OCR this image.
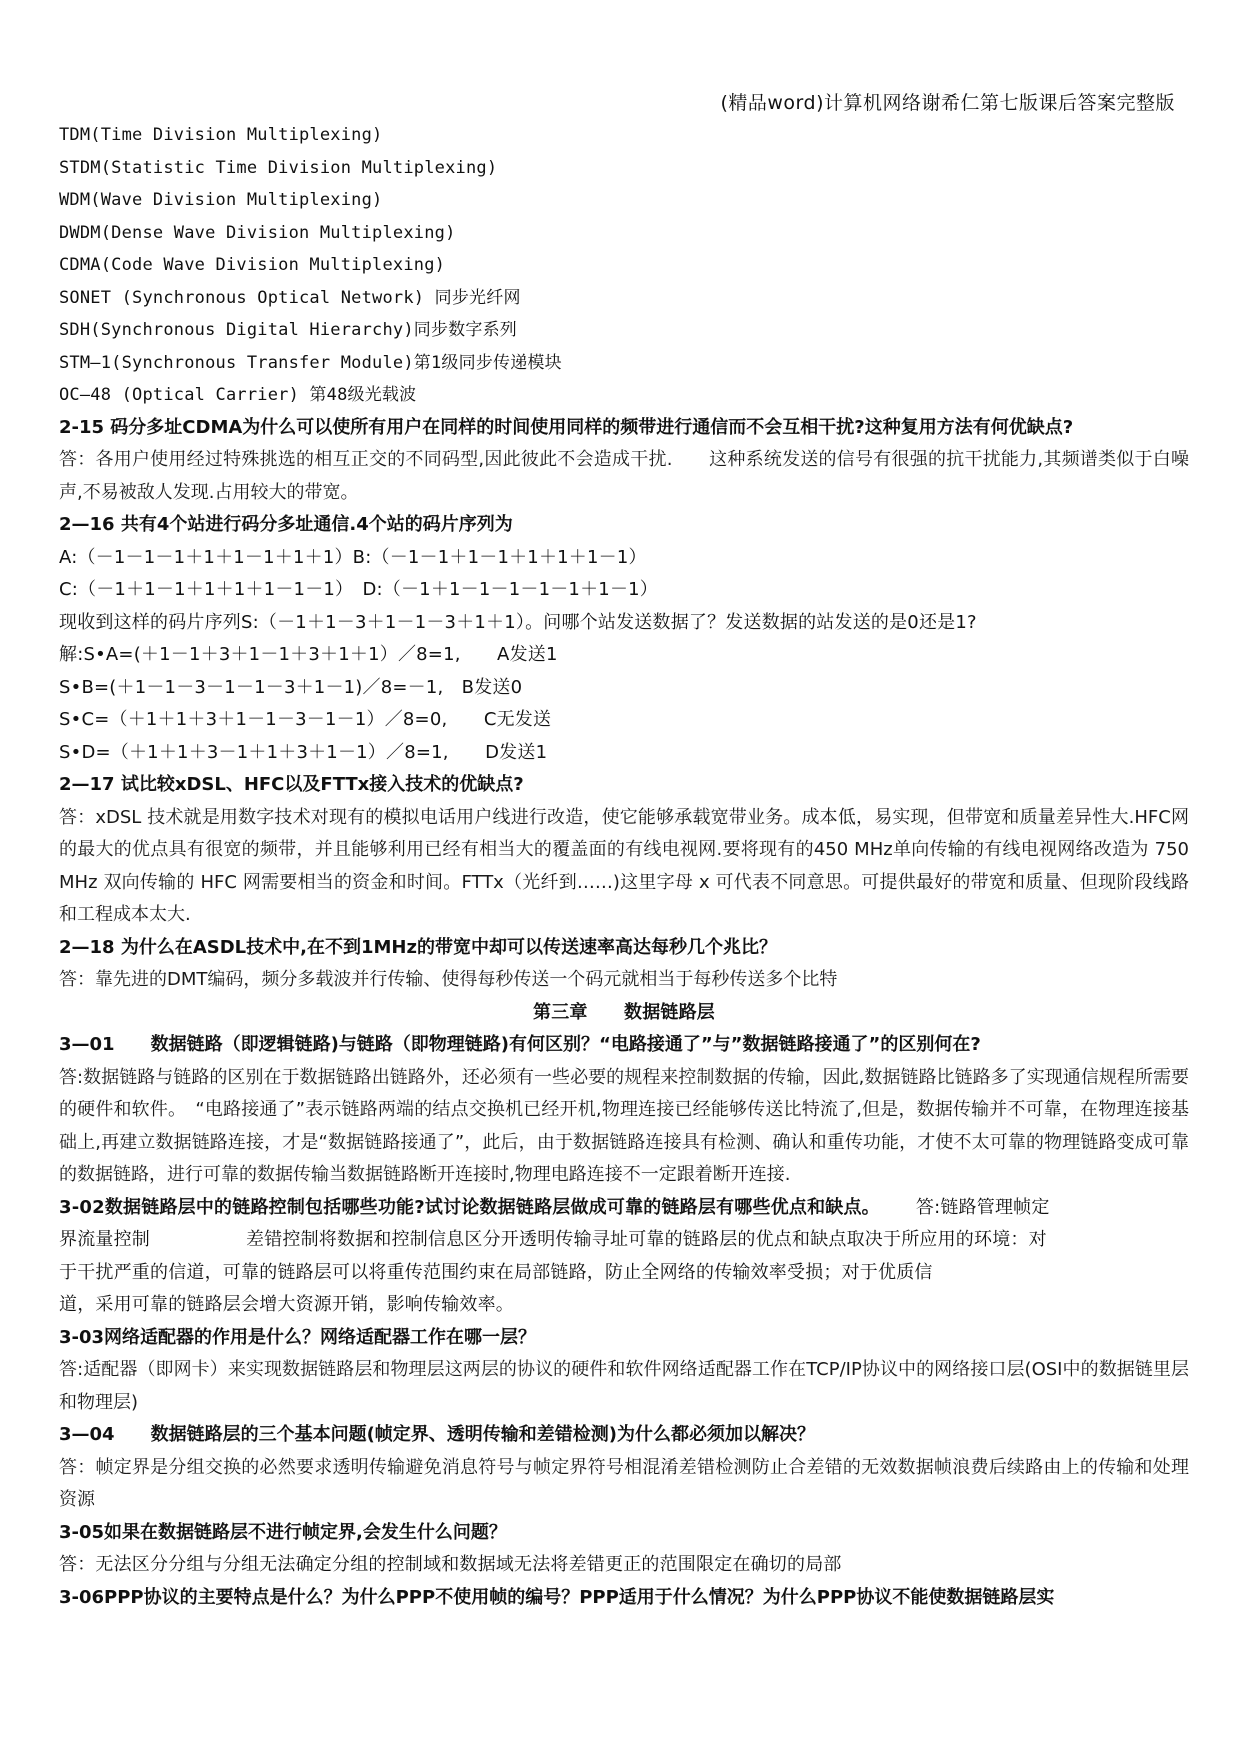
(精品word)计算机网络谢希仁第七版课后答案完整版
TDM(Time Division Multiplexing)
STDM(Statistic Time Division Multiplexing)
WDM(Wave Division Multiplexing)
DWDM(Dense Wave Division Multiplexing)
CDMA(Code Wave Division Multiplexing)
SONET (Synchronous Optical Network) 同步光纤网
SDH(Synchronous Digital Hierarchy)同步数字系列
STM—1(Synchronous Transfer Module)第1级同步传递模块
OC—48 (Optical Carrier) 第48级光载波
2-15 码分多址CDMA为什么可以使所有用户在同样的时间使用同样的频带进行通信而不会互相干扰?这种复用方法有何优缺点?
答：各用户使用经过特殊挑选的相互正交的不同码型,因此彼此不会造成干扰.　　这种系统发送的信号有很强的抗干扰能力,其频谱类似于白噪声,不易被敌人发现.占用较大的带宽。
2—16 共有4个站进行码分多址通信.4个站的码片序列为
A:（－1－1－1＋1＋1－1＋1＋1）B:（－1－1＋1－1＋1＋1＋1－1）
C:（－1＋1－1＋1＋1＋1－1－1）　D:（－1＋1－1－1－1－1＋1－1）
现收到这样的码片序列S:（－1＋1－3＋1－1－3＋1＋1）。问哪个站发送数据了？发送数据的站发送的是0还是1?
解:S•A=(＋1－1＋3＋1－1＋3＋1＋1）／8=1,　　A发送1
S•B=(＋1－1－3－1－1－3＋1－1)／8=－1,　B发送0
S•C=（＋1＋1＋3＋1－1－3－1－1）／8=0,　　C无发送
S•D=（＋1＋1＋3－1＋1＋3＋1－1）／8=1,　　D发送1
2—17 试比较xDSL、HFC以及FTTx接入技术的优缺点?
答：xDSL 技术就是用数字技术对现有的模拟电话用户线进行改造，使它能够承载宽带业务。成本低，易实现，但带宽和质量差异性大.HFC网的最大的优点具有很宽的频带，并且能够利用已经有相当大的覆盖面的有线电视网.要将现有的450 MHz单向传输的有线电视网络改造为 750 MHz 双向传输的 HFC 网需要相当的资金和时间。FTTx（光纤到……)这里字母 x 可代表不同意思。可提供最好的带宽和质量、但现阶段线路和工程成本太大.
2—18 为什么在ASDL技术中,在不到1MHz的带宽中却可以传送速率高达每秒几个兆比？
答：靠先进的DMT编码，频分多载波并行传输、使得每秒传送一个码元就相当于每秒传送多个比特
第三章　　数据链路层
3—01　　数据链路（即逻辑链路)与链路（即物理链路)有何区别？“电路接通了”与”数据链路接通了”的区别何在?
答:数据链路与链路的区别在于数据链路出链路外，还必须有一些必要的规程来控制数据的传输，因此,数据链路比链路多了实现通信规程所需要的硬件和软件。　“电路接通了”表示链路两端的结点交换机已经开机,物理连接已经能够传送比特流了,但是，数据传输并不可靠，在物理连接基础上,再建立数据链路连接，才是“数据链路接通了”，此后，由于数据链路连接具有检测、确认和重传功能，才使不太可靠的物理链路变成可靠的数据链路，进行可靠的数据传输当数据链路断开连接时,物理电路连接不一定跟着断开连接.
3-02数据链路层中的链路控制包括哪些功能?试讨论数据链路层做成可靠的链路层有哪些优点和缺点。 答:链路管理帧定
界流量控制	差错控制将数据和控制信息区分开透明传输寻址可靠的链路层的优点和缺点取决于所应用的环境：对
于干扰严重的信道，可靠的链路层可以将重传范围约束在局部链路，防止全网络的传输效率受损；对于优质信
道，采用可靠的链路层会增大资源开销，影响传输效率。
3-03网络适配器的作用是什么？网络适配器工作在哪一层？
答:适配器（即网卡）来实现数据链路层和物理层这两层的协议的硬件和软件网络适配器工作在TCP/IP协议中的网络接口层(OSI中的数据链里层和物理层)
3—04　　数据链路层的三个基本问题(帧定界、透明传输和差错检测)为什么都必须加以解决？
答：帧定界是分组交换的必然要求透明传输避免消息符号与帧定界符号相混淆差错检测防止合差错的无效数据帧浪费后续路由上的传输和处理资源
3-05如果在数据链路层不进行帧定界,会发生什么问题？
答：无法区分分组与分组无法确定分组的控制域和数据域无法将差错更正的范围限定在确切的局部
3-06PPP协议的主要特点是什么？为什么PPP不使用帧的编号？PPP适用于什么情况？为什么PPP协议不能使数据链路层实
